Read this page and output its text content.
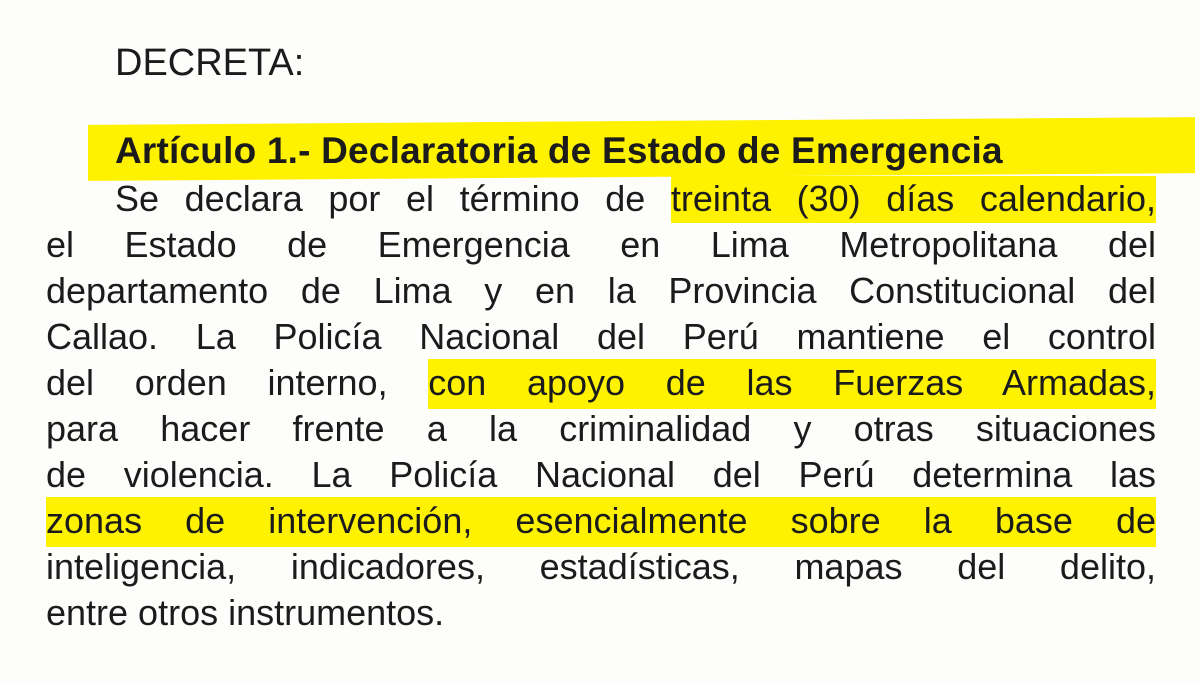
DECRETA:
Artículo 1.- Declaratoria de Estado de Emergencia
Se declara por el término de treinta (30) días calendario,
el Estado de Emergencia en Lima Metropolitana del
departamento de Lima y en la Provincia Constitucional del
Callao. La Policía Nacional del Perú mantiene el control
del orden interno, con apoyo de las Fuerzas Armadas,
para hacer frente a la criminalidad y otras situaciones
de violencia. La Policía Nacional del Perú determina las
zonas de intervención, esencialmente sobre la base de
inteligencia, indicadores, estadísticas, mapas del delito,
entre otros instrumentos.
